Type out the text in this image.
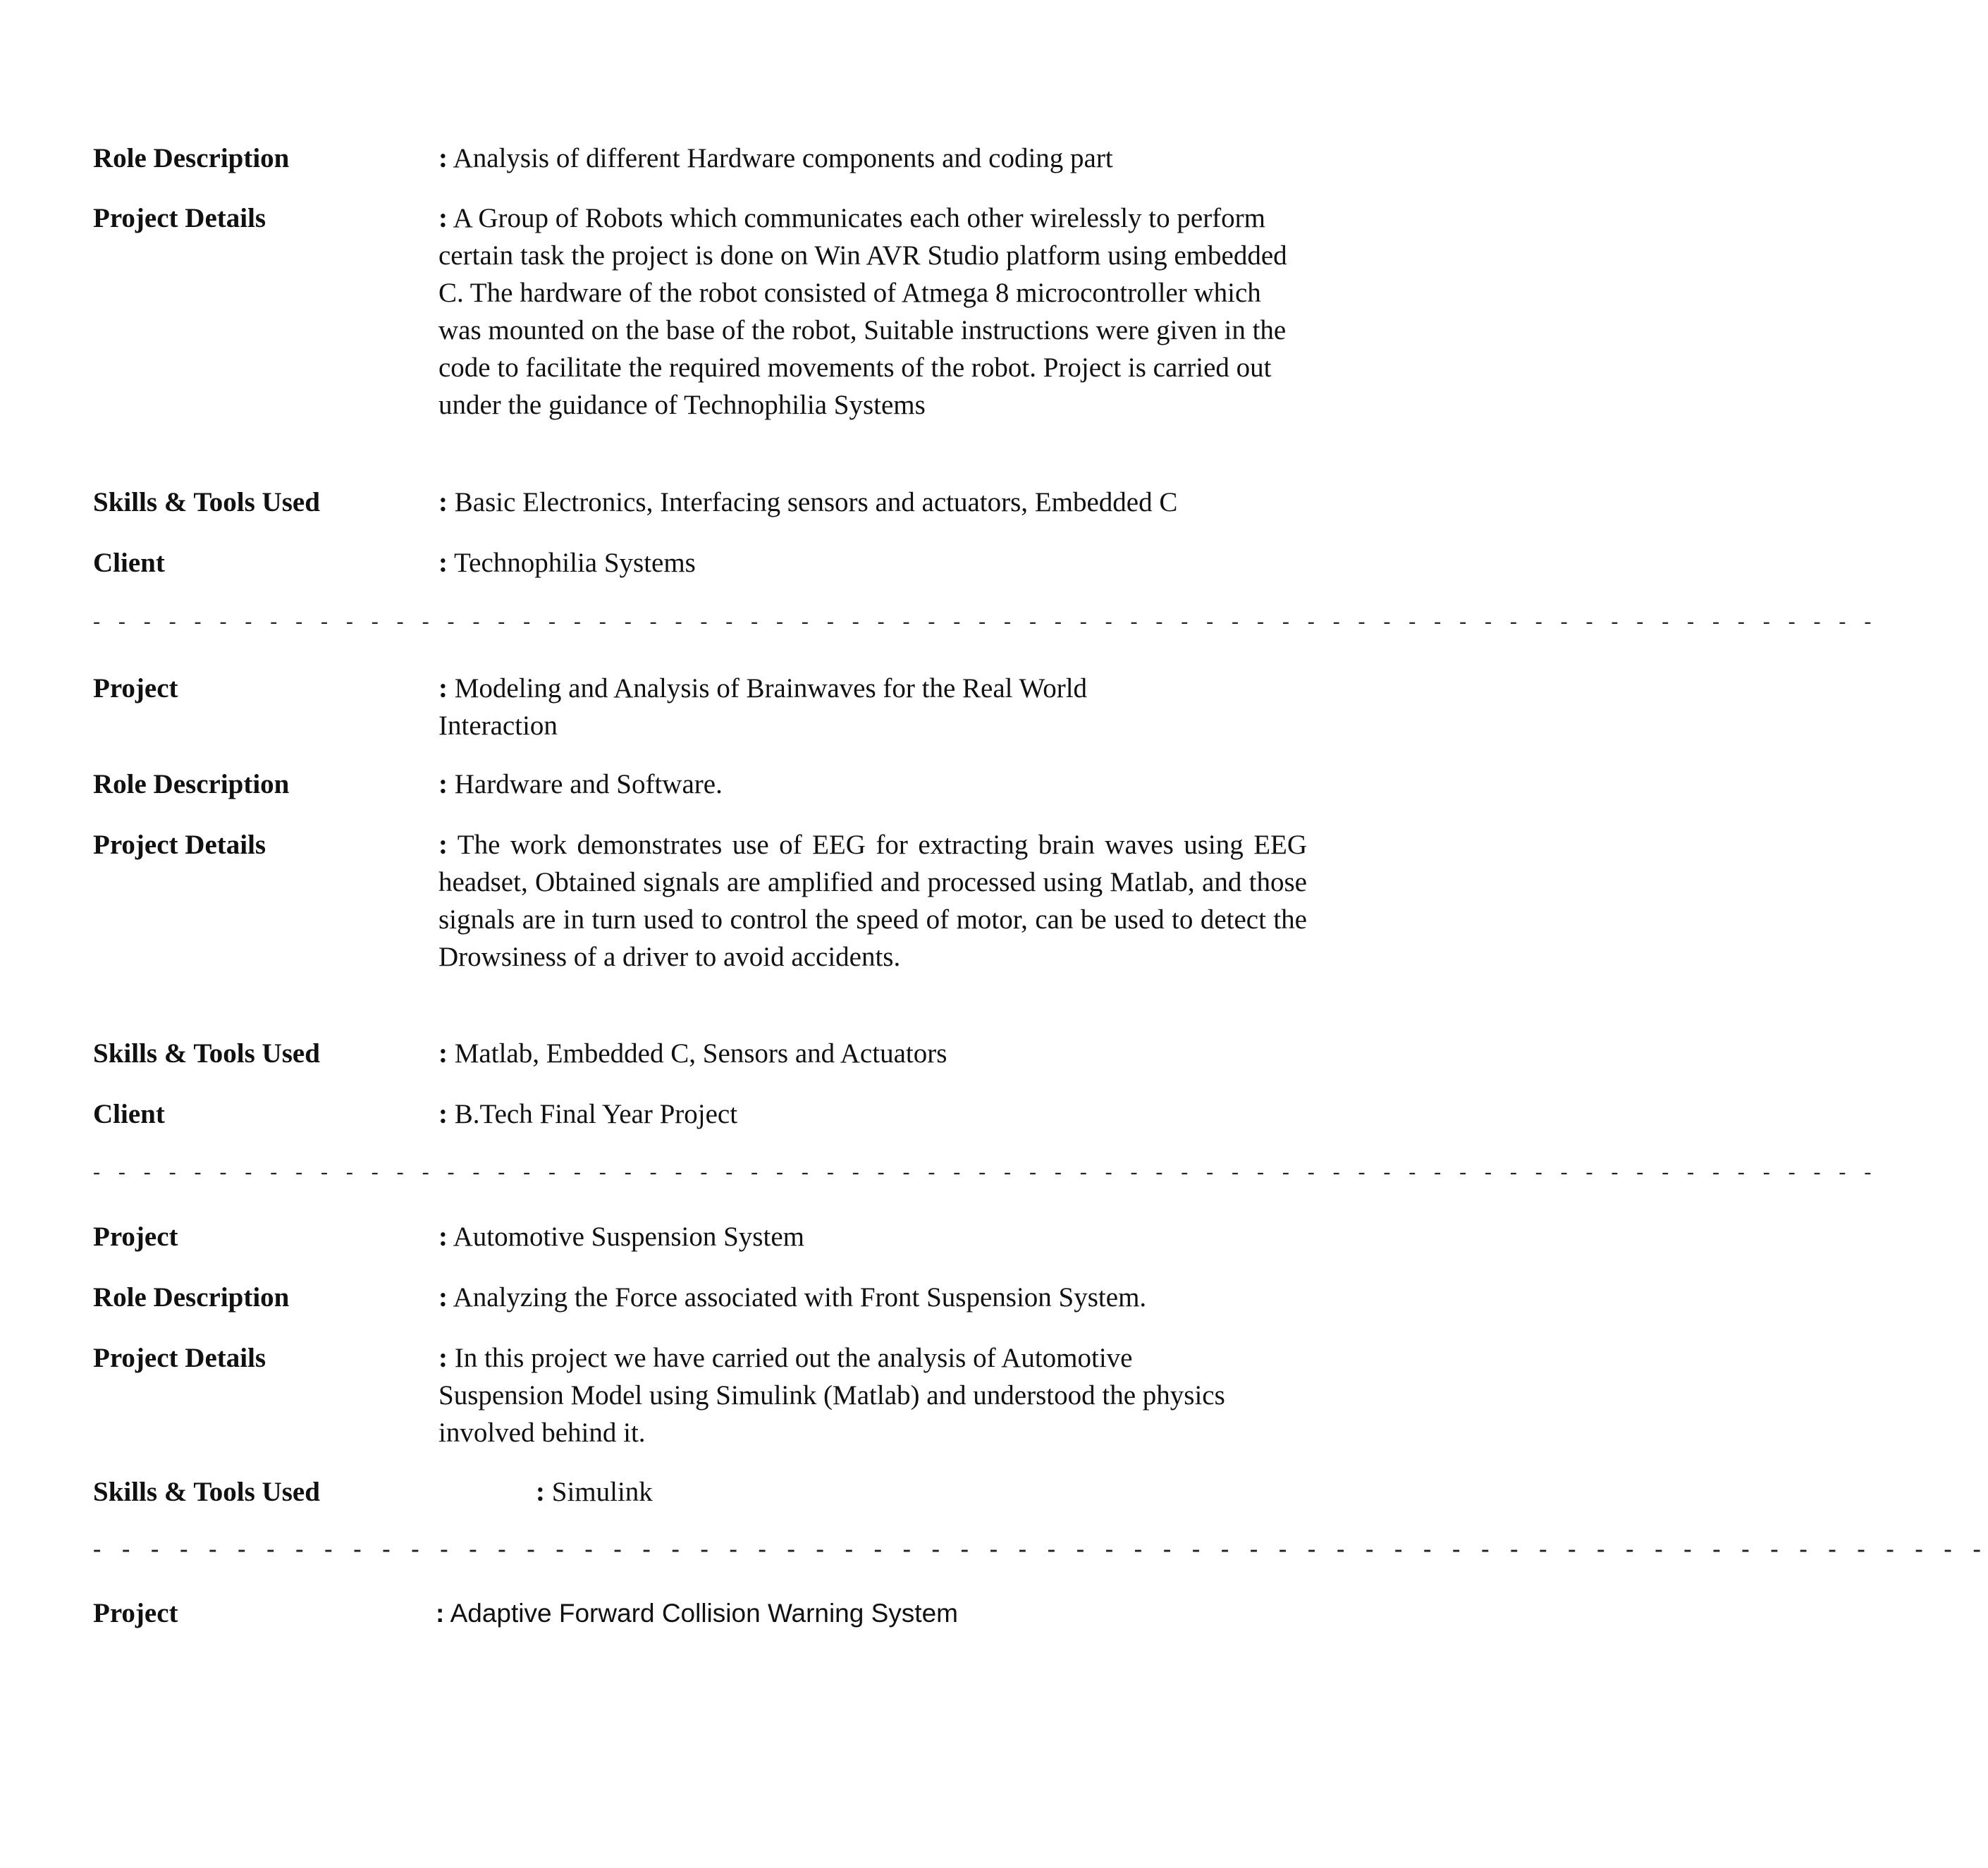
Role Description	: Analysis of different Hardware components and coding part
Project Details	: A Group of Robots which communicates each other wirelessly to perform certain task the project is done on Win AVR Studio platform using embedded C. The hardware of the robot consisted of Atmega 8 microcontroller which was mounted on the base of the robot, Suitable instructions were given in the code to facilitate the required movements of the robot. Project is carried out under the guidance of Technophilia Systems
Skills & Tools Used	: Basic Electronics, Interfacing sensors and actuators, Embedded C
Client	: Technophilia Systems
- - - - - - - - - - - - - - - - - - - - - - - - - - - - - - - - - - - - - - - - - - - - - - - - - - - - - - - - - - - - - - - - - - - - - - -
Project	: Modeling and Analysis of Brainwaves for the Real World Interaction
Role Description	: Hardware and Software.
Project Details	: The work demonstrates use of EEG for extracting brain waves using EEG headset, Obtained signals are amplified and processed using Matlab, and those signals are in turn used to control the speed of motor, can be used to detect the Drowsiness of a driver to avoid accidents.
Skills & Tools Used	: Matlab, Embedded C, Sensors and Actuators
Client	: B.Tech Final Year Project
- - - - - - - - - - - - - - - - - - - - - - - - - - - - - - - - - - - - - - - - - - - - - - - - - - - - - - - - - - - - - - - - - - - - - - -
Project	: Automotive Suspension System
Role Description	: Analyzing the Force associated with Front Suspension System.
Project Details	: In this project we have carried out the analysis of Automotive Suspension Model using Simulink (Matlab) and understood the physics involved behind it.
Skills & Tools Used	: Simulink
- - - - - - - - - - - - - - - - - - - - - - - - - - - - - - - - - - - - - - - - - - - - - - - - - - - - - - - - - - - - - - - - - -
Project	: Adaptive Forward Collision Warning System
